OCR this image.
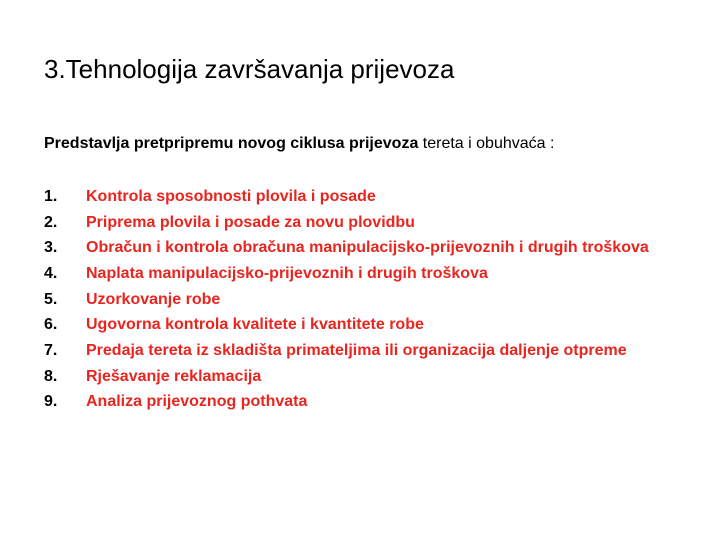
3.Tehnologija završavanja prijevoza
Predstavlja pretpripremu novog ciklusa prijevoza tereta i obuhvaća :
1.	Kontrola sposobnosti plovila i posade
2.	Priprema plovila i posade za novu plovidbu
3.	Obračun i kontrola obračuna manipulacijsko-prijevoznih i drugih troškova
4.	Naplata manipulacijsko-prijevoznih i drugih troškova
5.	Uzorkovanje robe
6.	Ugovorna kontrola kvalitete i kvantitete robe
7.	Predaja tereta iz skladišta primateljima ili organizacija daljenje otpreme
8.	Rješavanje reklamacija
9.	Analiza prijevoznog pothvata
